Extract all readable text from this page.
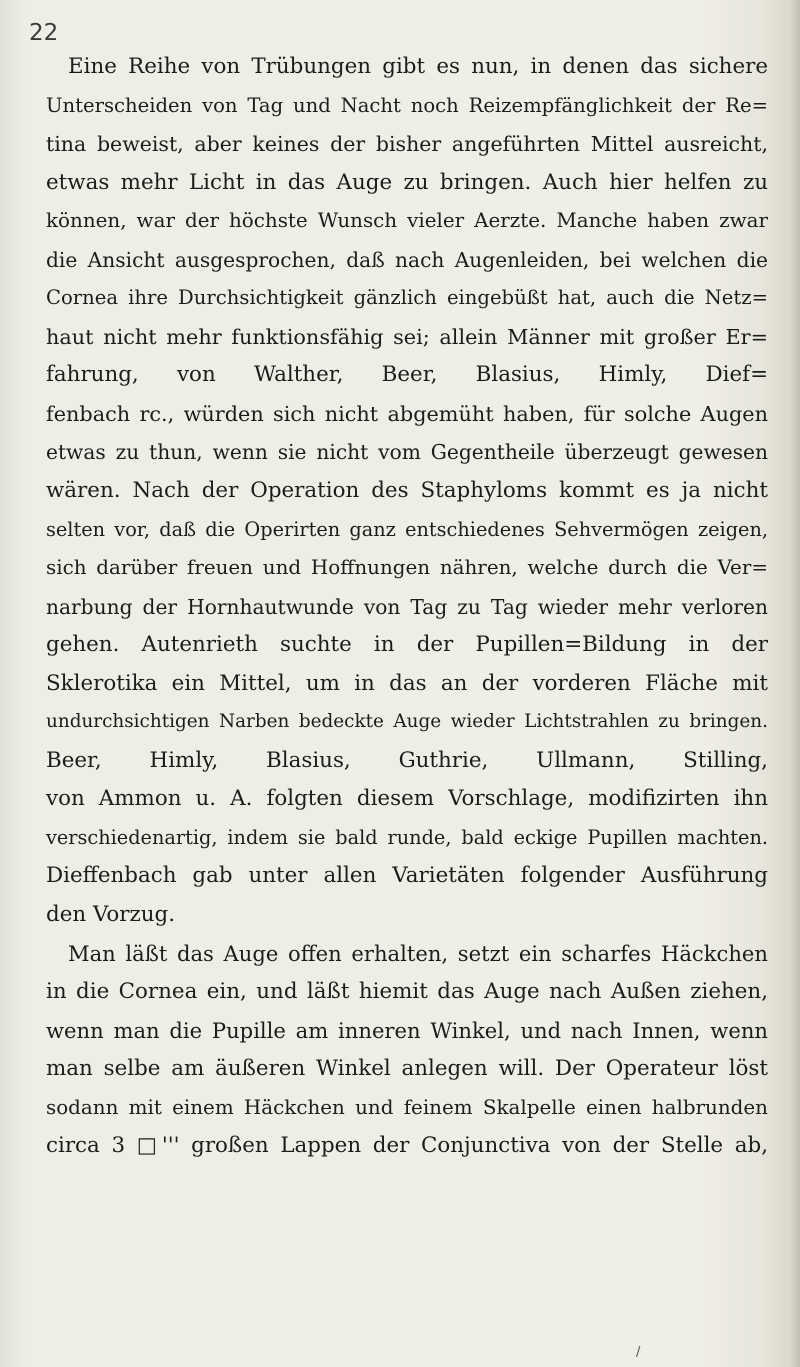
22
Eine Reihe von Trübungen gibt es nun, in denen das sichere
Unterscheiden von Tag und Nacht noch Reizempfänglichkeit der Re=
tina beweist, aber keines der bisher angeführten Mittel ausreicht,
etwas mehr Licht in das Auge zu bringen. Auch hier helfen zu
können, war der höchste Wunsch vieler Aerzte. Manche haben zwar
die Ansicht ausgesprochen, daß nach Augenleiden, bei welchen die
Cornea ihre Durchsichtigkeit gänzlich eingebüßt hat, auch die Netz=
haut nicht mehr funktionsfähig sei; allein Männer mit großer Er=
fahrung, von Walther, Beer, Blasius, Himly, Dief=
fenbach rc., würden sich nicht abgemüht haben, für solche Augen
etwas zu thun, wenn sie nicht vom Gegentheile überzeugt gewesen
wären. Nach der Operation des Staphyloms kommt es ja nicht
selten vor, daß die Operirten ganz entschiedenes Sehvermögen zeigen,
sich darüber freuen und Hoffnungen nähren, welche durch die Ver=
narbung der Hornhautwunde von Tag zu Tag wieder mehr verloren
gehen. Autenrieth suchte in der Pupillen=Bildung in der
Sklerotika ein Mittel, um in das an der vorderen Fläche mit
undurchsichtigen Narben bedeckte Auge wieder Lichtstrahlen zu bringen.
Beer, Himly, Blasius, Guthrie, Ullmann, Stilling,
von Ammon u. A. folgten diesem Vorschlage, modifizirten ihn
verschiedenartig, indem sie bald runde, bald eckige Pupillen machten.
Dieffenbach gab unter allen Varietäten folgender Ausführung
den Vorzug.
Man läßt das Auge offen erhalten, setzt ein scharfes Häckchen
in die Cornea ein, und läßt hiemit das Auge nach Außen ziehen,
wenn man die Pupille am inneren Winkel, und nach Innen, wenn
man selbe am äußeren Winkel anlegen will. Der Operateur löst
sodann mit einem Häckchen und feinem Skalpelle einen halbrunden
circa 3 □''' großen Lappen der Conjunctiva von der Stelle ab,
/
